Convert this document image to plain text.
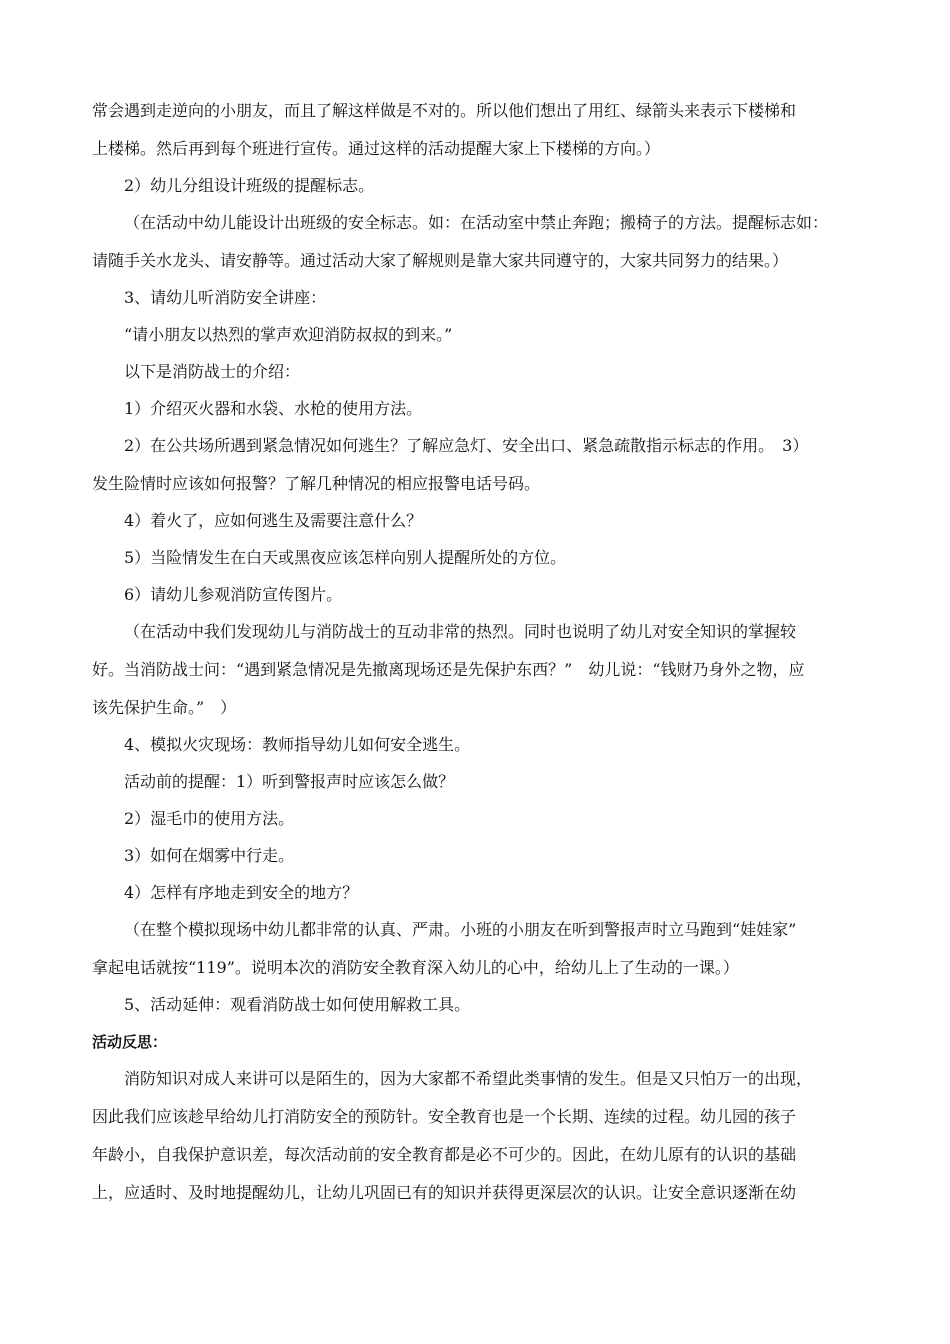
常会遇到走逆向的小朋友，而且了解这样做是不对的。所以他们想出了用红、绿箭头来表示下楼梯和

上楼梯。然后再到每个班进行宣传。通过这样的活动提醒大家上下楼梯的方向。）

2）幼儿分组设计班级的提醒标志。

（在活动中幼儿能设计出班级的安全标志。如：在活动室中禁止奔跑；搬椅子的方法。提醒标志如：

请随手关水龙头、请安静等。通过活动大家了解规则是靠大家共同遵守的，大家共同努力的结果。）

3、请幼儿听消防安全讲座：

“请小朋友以热烈的掌声欢迎消防叔叔的到来。”

以下是消防战士的介绍：

1）介绍灭火器和水袋、水枪的使用方法。

2）在公共场所遇到紧急情况如何逃生？了解应急灯、安全出口、紧急疏散指示标志的作用。　3）

发生险情时应该如何报警？了解几种情况的相应报警电话号码。

4）着火了，应如何逃生及需要注意什么？

5）当险情发生在白天或黑夜应该怎样向别人提醒所处的方位。

6）请幼儿参观消防宣传图片。

（在活动中我们发现幼儿与消防战士的互动非常的热烈。同时也说明了幼儿对安全知识的掌握较

好。当消防战士问：“遇到紧急情况是先撤离现场还是先保护东西？”　幼儿说：“钱财乃身外之物，应

该先保护生命。”　）

4、模拟火灾现场：教师指导幼儿如何安全逃生。

活动前的提醒：1）听到警报声时应该怎么做？

2）湿毛巾的使用方法。

3）如何在烟雾中行走。

4）怎样有序地走到安全的地方？

（在整个模拟现场中幼儿都非常的认真、严肃。小班的小朋友在听到警报声时立马跑到“娃娃家”

拿起电话就按“119”。说明本次的消防安全教育深入幼儿的心中，给幼儿上了生动的一课。）

5、活动延伸：观看消防战士如何使用解救工具。

活动反思：

消防知识对成人来讲可以是陌生的，因为大家都不希望此类事情的发生。但是又只怕万一的出现，

因此我们应该趁早给幼儿打消防安全的预防针。安全教育也是一个长期、连续的过程。幼儿园的孩子

年龄小，自我保护意识差，每次活动前的安全教育都是必不可少的。因此，在幼儿原有的认识的基础

上，应适时、及时地提醒幼儿，让幼儿巩固已有的知识并获得更深层次的认识。让安全意识逐渐在幼
